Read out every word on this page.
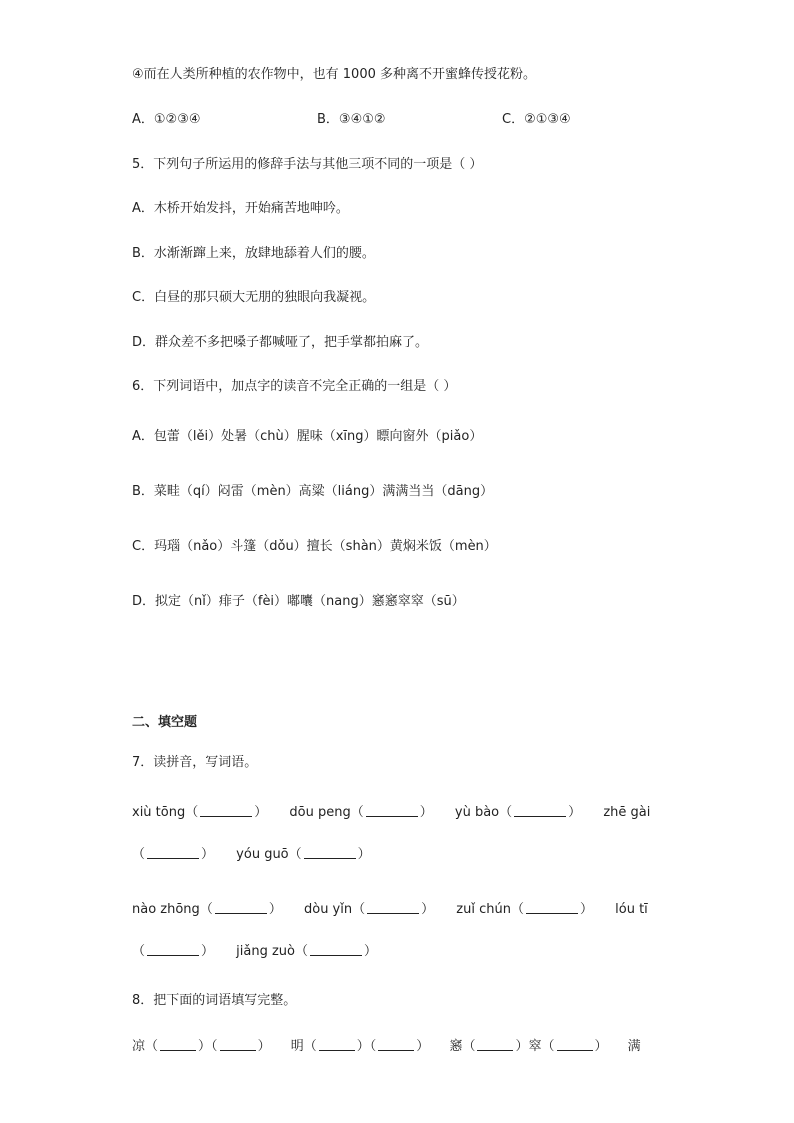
④而在人类所种植的农作物中，也有 1000 多种离不开蜜蜂传授花粉。
A．①②③④	B．③④①②	C．②①③④
5．下列句子所运用的修辞手法与其他三项不同的一项是（ ）
A．木桥开始发抖，开始痛苦地呻吟。
B．水渐渐蹿上来，放肆地舔着人们的腰。
C．白昼的那只硕大无朋的独眼向我凝视。
D．群众差不多把嗓子都喊哑了，把手掌都拍麻了。
6．下列词语中，加点字的读音不完全正确的一组是（ ）
A．包蕾（lěi）处暑（chù）腥味（xīng）瞟向窗外（piǎo）
B．菜畦（qí）闷雷（mèn）高粱（liáng）满满当当（dāng）
C．玛瑙（nǎo）斗篷（dǒu）擅长（shàn）黄焖米饭（mèn）
D．拟定（nǐ）痱子（fèi）嘟囔（nang）窸窸窣窣（sū）
二、填空题
7．读拼音，写词语。
xiù tōng（	） dōu peng（	） yù bào（	） zhē gài
（	） yóu guō（	）
nào zhōng（	） dòu yǐn（	） zuǐ chún（	） lóu tī
（	） jiǎng zuò（	）
8．把下面的词语填写完整。
凉（	）（	） 明（	）（	） 窸（	）窣（	） 满
